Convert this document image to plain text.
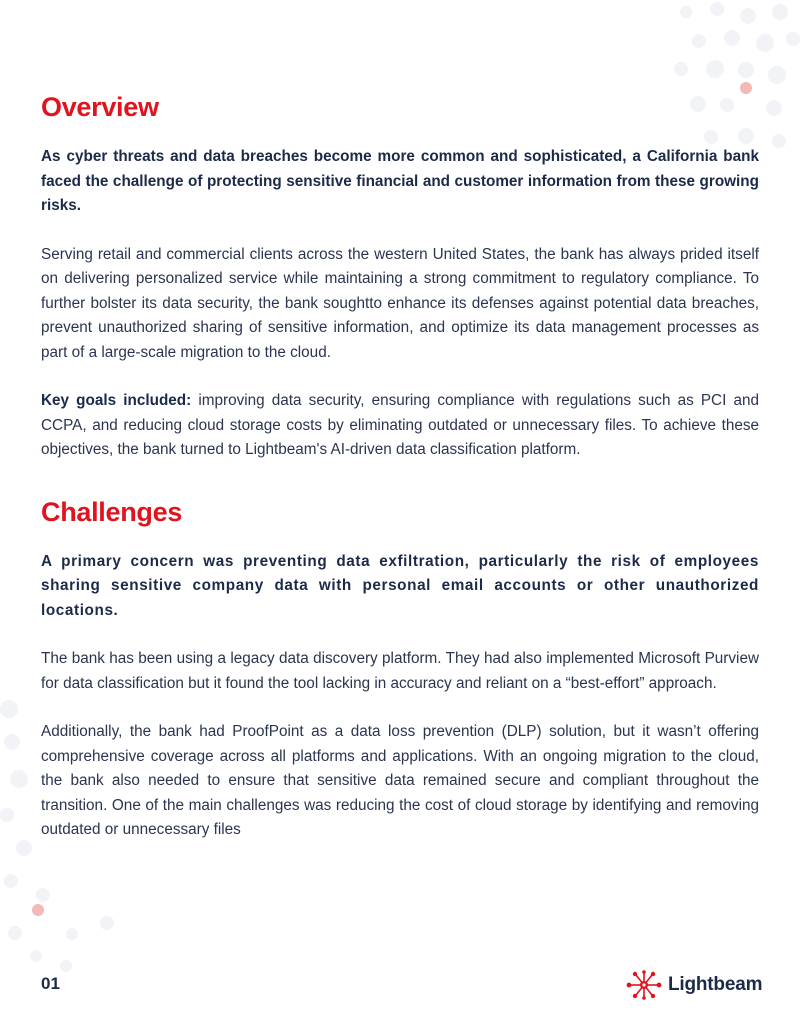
Overview

As cyber threats and data breaches become more common and sophisticated, a California bank faced the challenge of protecting sensitive financial and customer information from these growing risks.

Serving retail and commercial clients across the western United States, the bank has always prided itself on delivering personalized service while maintaining a strong commitment to regulatory compliance. To further bolster its data security, the bank soughtto enhance its defenses against potential data breaches, prevent unauthorized sharing of sensitive information, and optimize its data management processes as part of a large-scale migration to the cloud.

Key goals included: improving data security, ensuring compliance with regulations such as PCI and CCPA, and reducing cloud storage costs by eliminating outdated or unnecessary files. To achieve these objectives, the bank turned to Lightbeam's AI-driven data classification platform.

Challenges

A primary concern was preventing data exfiltration, particularly the risk of employees sharing sensitive company data with personal email accounts or other unauthorized locations.

The bank has been using a legacy data discovery platform. They had also implemented Microsoft Purview for data classification but it found the tool lacking in accuracy and reliant on a “best-effort” approach.

Additionally, the bank had ProofPoint as a data loss prevention (DLP) solution, but it wasn’t offering comprehensive coverage across all platforms and applications. With an ongoing migration to the cloud, the bank also needed to ensure that sensitive data remained secure and compliant throughout the transition. One of the main challenges was reducing the cost of cloud storage by identifying and removing outdated or unnecessary files

01	Lightbeam
